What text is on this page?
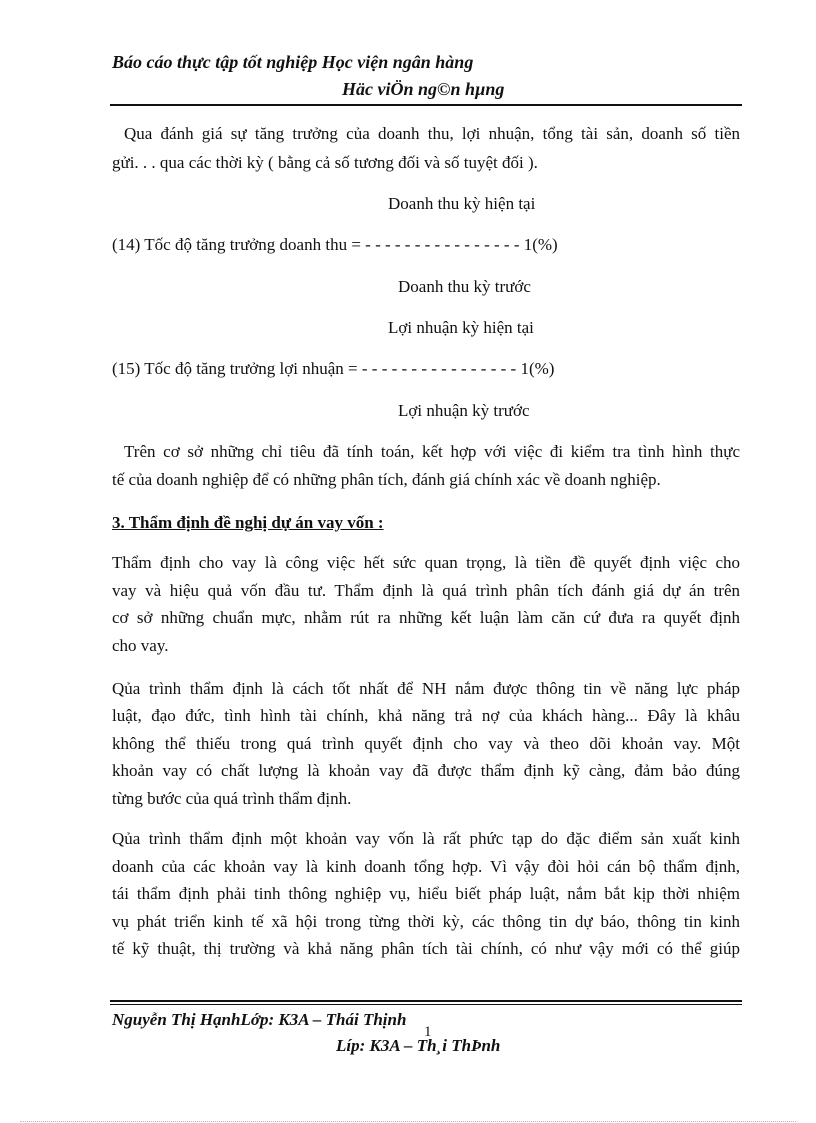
Báo cáo thực tập tốt nghiệp Học viện ngân hàng
Häc viÖn ng©n hµng
Qua đánh giá sự tăng trưởng của doanh thu, lợi nhuận, tổng tài sản, doanh số tiền
gửi. . . qua các thời kỳ ( bằng cả số tương đối và số tuyệt đối ).
Doanh thu kỳ hiện tại
(14) Tốc độ tăng trưởng doanh thu = - - - - - - - - - - - - - - - - 1(%)
Doanh thu kỳ trước
Lợi nhuận kỳ hiện tại
(15) Tốc độ tăng trưởng lợi nhuận = - - - - - - - - - - - - - - - - 1(%)
Lợi nhuận kỳ trước
Trên cơ sở những chỉ tiêu đã tính toán, kết hợp với việc đi kiểm tra tình hình thực
tế của doanh nghiệp để có những phân tích, đánh giá chính xác về doanh nghiệp.
3. Thẩm định đề nghị dự án vay vốn :
Thẩm định cho vay là công việc hết sức quan trọng, là tiền đề quyết định việc cho
vay và hiệu quả vốn đầu tư. Thẩm định là quá trình phân tích đánh giá dự án trên
cơ sở những chuẩn mực, nhằm rút ra những kết luận làm căn cứ đưa ra quyết định
cho vay.
Qủa trình thẩm định là cách tốt nhất để NH nắm được thông tin về năng lực pháp
luật, đạo đức, tình hình tài chính, khả năng trả nợ của khách hàng... Đây là khâu
không thể thiếu trong quá trình quyết định cho vay và theo dõi khoản vay. Một
khoản vay có chất lượng là khoản vay đã được thẩm định kỹ càng, đảm bảo đúng
từng bước của quá trình thẩm định.
Qủa trình thẩm định một khoản vay vốn là rất phức tạp do đặc điểm sản xuất kinh
doanh của các khoản vay là kinh doanh tổng hợp. Vì vậy đòi hỏi cán bộ thẩm định,
tái thẩm định phải tinh thông nghiệp vụ, hiểu biết pháp luật, nắm bắt kịp thời nhiệm
vụ phát triển kinh tế xã hội trong từng thời kỳ, các thông tin dự báo, thông tin kinh
tế kỹ thuật, thị trường và khả năng phân tích tài chính, có như vậy mới có thể giúp
Nguyễn Thị HạnhLớp: K3A – Thái Thịnh
1
Líp: K3A – Th¸i ThÞnh
